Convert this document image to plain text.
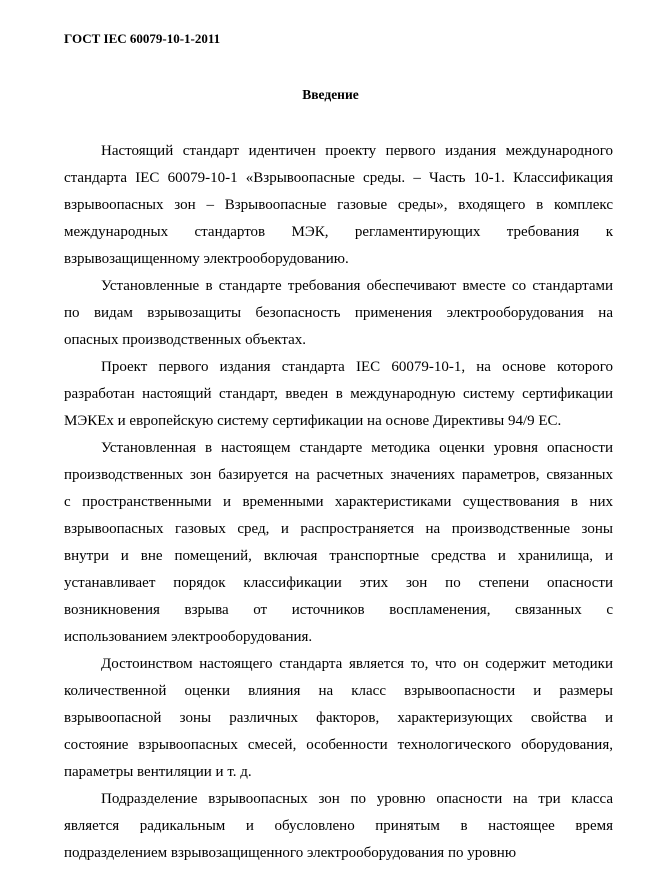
ГОСТ IEC 60079-10-1-2011
Введение
Настоящий стандарт идентичен проекту первого издания международного
стандарта IEC 60079-10-1 «Взрывоопасные среды. – Часть 10-1. Классификация
взрывоопасных зон – Взрывоопасные газовые среды», входящего в комплекс
международных стандартов МЭК, регламентирующих требования к
взрывозащищенному электрооборудованию.
Установленные в стандарте требования обеспечивают вместе со стандартами
по видам взрывозащиты безопасность применения электрооборудования на
опасных производственных объектах.
Проект первого издания стандарта IEC 60079-10-1, на основе которого
разработан настоящий стандарт, введен в международную систему сертификации
МЭКЕх и европейскую систему сертификации на основе Директивы 94/9 ЕС.
Установленная в настоящем стандарте методика оценки уровня опасности
производственных зон базируется на расчетных значениях параметров, связанных
с пространственными и временными характеристиками существования в них
взрывоопасных газовых сред, и распространяется на производственные зоны
внутри и вне помещений, включая транспортные средства и хранилища, и
устанавливает порядок классификации этих зон по степени опасности
возникновения взрыва от источников воспламенения, связанных с
использованием электрооборудования.
Достоинством настоящего стандарта является то, что он содержит методики
количественной оценки влияния на класс взрывоопасности и размеры
взрывоопасной зоны различных факторов, характеризующих свойства и
состояние взрывоопасных смесей, особенности технологического оборудования,
параметры вентиляции и т. д.
Подразделение взрывоопасных зон по уровню опасности на три класса
является радикальным и обусловлено принятым в настоящее время
подразделением взрывозащищенного электрооборудования по уровню
